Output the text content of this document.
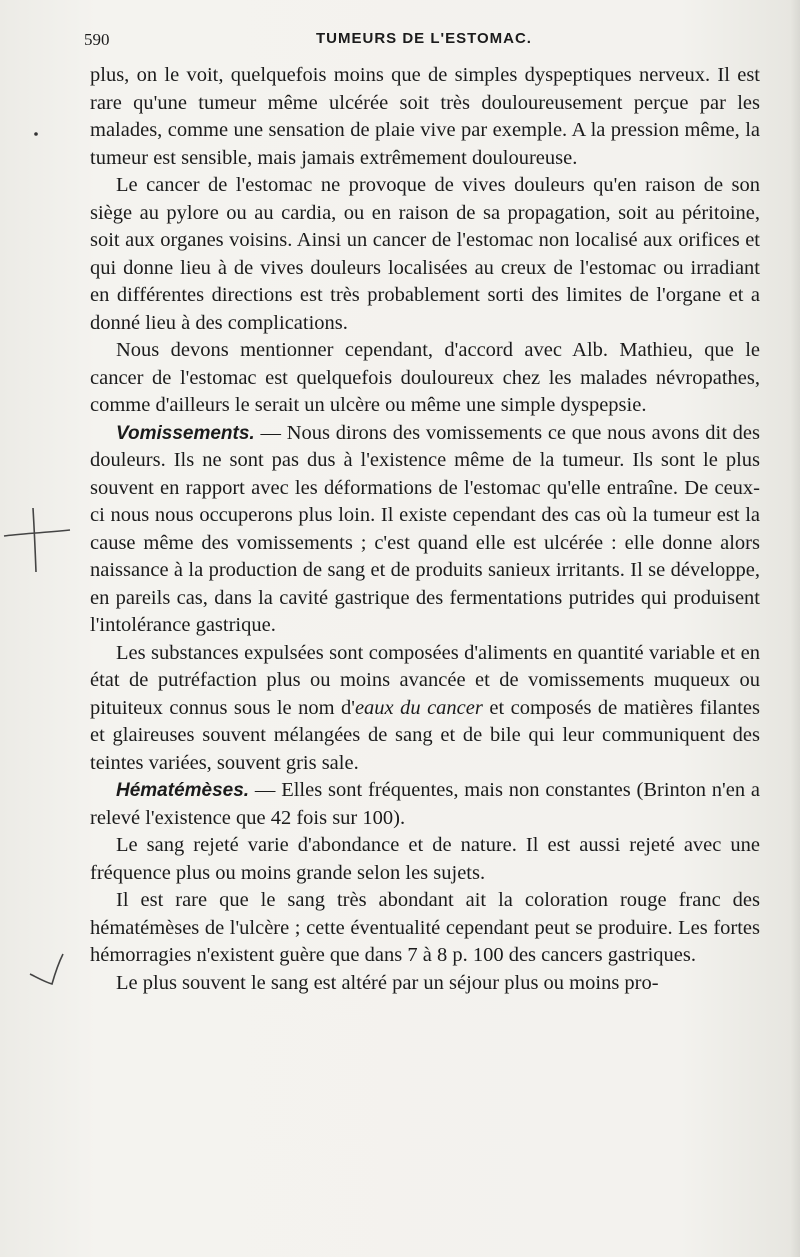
590	TUMEURS DE L'ESTOMAC.

plus, on le voit, quelquefois moins que de simples dyspeptiques nerveux. Il est rare qu'une tumeur même ulcérée soit très douloureusement perçue par les malades, comme une sensation de plaie vive par exemple. A la pression même, la tumeur est sensible, mais jamais extrêmement douloureuse.

Le cancer de l'estomac ne provoque de vives douleurs qu'en raison de son siège au pylore ou au cardia, ou en raison de sa propagation, soit au péritoine, soit aux organes voisins. Ainsi un cancer de l'estomac non localisé aux orifices et qui donne lieu à de vives douleurs localisées au creux de l'estomac ou irradiant en différentes directions est très probablement sorti des limites de l'organe et a donné lieu à des complications.

Nous devons mentionner cependant, d'accord avec Alb. Mathieu, que le cancer de l'estomac est quelquefois douloureux chez les malades névropathes, comme d'ailleurs le serait un ulcère ou même une simple dyspepsie.

Vomissements. — Nous dirons des vomissements ce que nous avons dit des douleurs. Ils ne sont pas dus à l'existence même de la tumeur. Ils sont le plus souvent en rapport avec les déformations de l'estomac qu'elle entraîne. De ceux-ci nous nous occuperons plus loin. Il existe cependant des cas où la tumeur est la cause même des vomissements ; c'est quand elle est ulcérée : elle donne alors naissance à la production de sang et de produits sanieux irritants. Il se développe, en pareils cas, dans la cavité gastrique des fermentations putrides qui produisent l'intolérance gastrique.

Les substances expulsées sont composées d'aliments en quantité variable et en état de putréfaction plus ou moins avancée et de vomissements muqueux ou pituiteux connus sous le nom d'eaux du cancer et composés de matières filantes et glaireuses souvent mélangées de sang et de bile qui leur communiquent des teintes variées, souvent gris sale.

Hématémèses. — Elles sont fréquentes, mais non constantes (Brinton n'en a relevé l'existence que 42 fois sur 100).

Le sang rejeté varie d'abondance et de nature. Il est aussi rejeté avec une fréquence plus ou moins grande selon les sujets.

Il est rare que le sang très abondant ait la coloration rouge franc des hématémèses de l'ulcère ; cette éventualité cependant peut se produire. Les fortes hémorragies n'existent guère que dans 7 à 8 p. 100 des cancers gastriques.

Le plus souvent le sang est altéré par un séjour plus ou moins pro-
